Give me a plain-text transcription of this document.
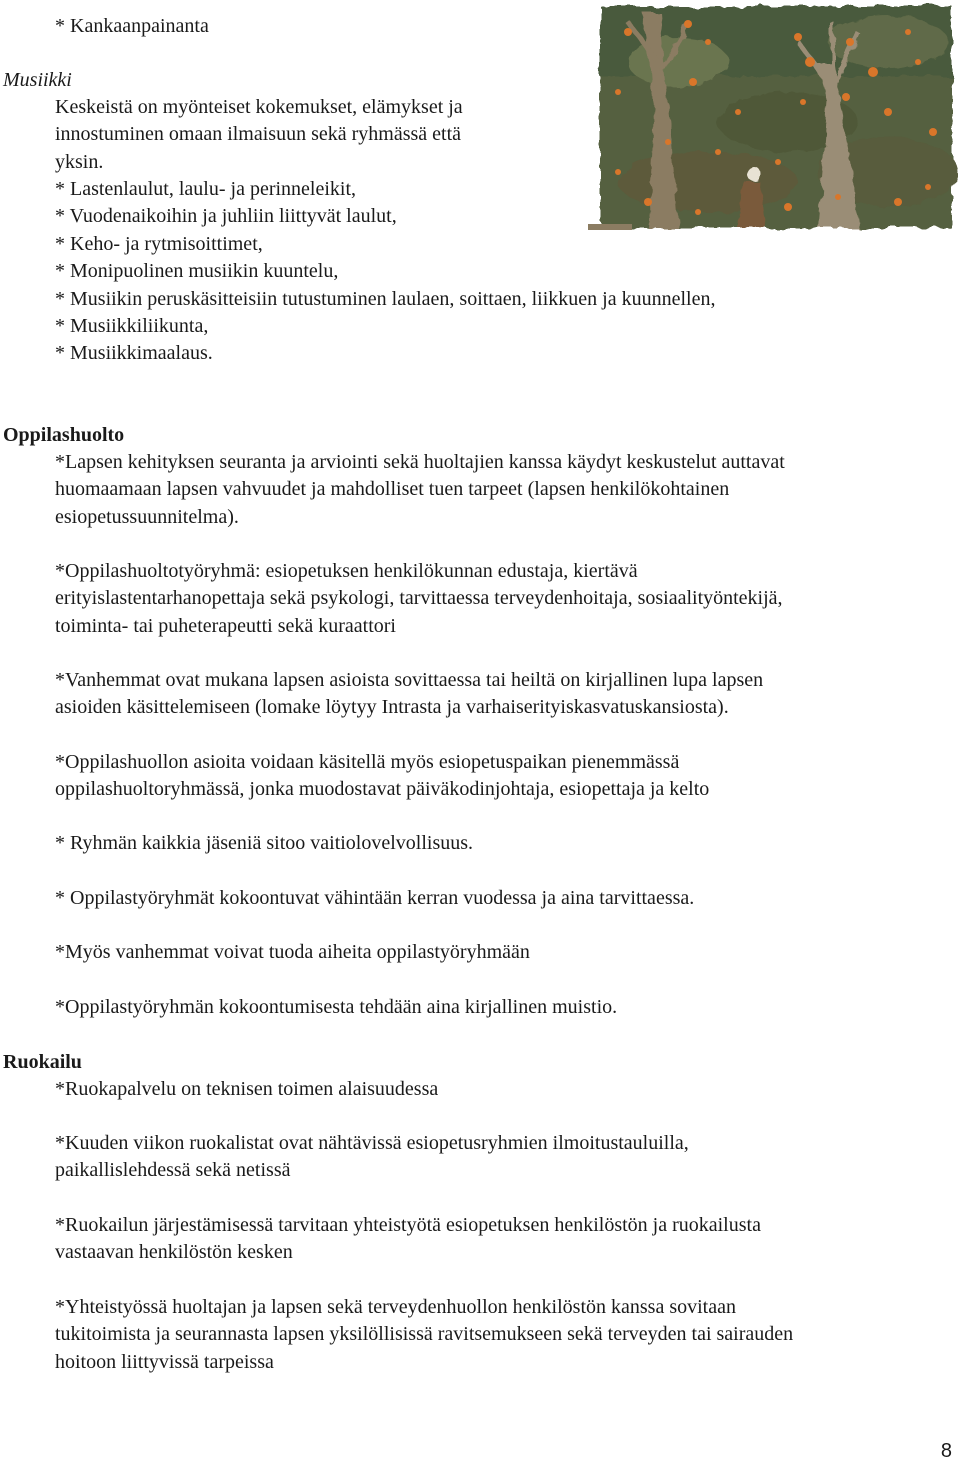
* Kankaanpainanta
Musiikki
Keskeistä on myönteiset kokemukset, elämykset ja
innostuminen omaan ilmaisuun sekä ryhmässä että
yksin.
* Lastenlaulut, laulu- ja perinneleikit,
* Vuodenaikoihin ja juhliin liittyvät laulut,
* Keho- ja rytmisoittimet,
* Monipuolinen musiikin kuuntelu,
* Musiikin peruskäsitteisiin tutustuminen laulaen, soittaen, liikkuen ja kuunnellen,
* Musiikkiliikunta,
* Musiikkimaalaus.
Oppilashuolto
*Lapsen kehityksen seuranta ja arviointi sekä huoltajien kanssa käydyt keskustelut auttavat
huomaamaan lapsen vahvuudet ja mahdolliset tuen tarpeet (lapsen henkilökohtainen
esiopetussuunnitelma).
*Oppilashuoltotyöryhmä: esiopetuksen henkilökunnan edustaja, kiertävä
erityislastentarhanopettaja sekä psykologi, tarvittaessa terveydenhoitaja, sosiaalityöntekijä,
toiminta- tai puheterapeutti sekä kuraattori
*Vanhemmat ovat mukana lapsen asioista sovittaessa tai heiltä on kirjallinen lupa lapsen
asioiden käsittelemiseen (lomake löytyy Intrasta ja varhaiserityiskasvatuskansiosta).
*Oppilashuollon asioita voidaan käsitellä myös esiopetuspaikan pienemmässä
oppilashuoltoryhmässä, jonka muodostavat päiväkodinjohtaja, esiopettaja ja kelto
* Ryhmän kaikkia jäseniä sitoo vaitiolovelvollisuus.
* Oppilastyöryhmät kokoontuvat vähintään kerran vuodessa ja aina tarvittaessa.
*Myös vanhemmat voivat tuoda aiheita oppilastyöryhmään
*Oppilastyöryhmän kokoontumisesta tehdään aina kirjallinen muistio.
Ruokailu
*Ruokapalvelu on teknisen toimen alaisuudessa
*Kuuden viikon ruokalistat ovat nähtävissä esiopetusryhmien ilmoitustauluilla,
paikallislehdessä sekä netissä
*Ruokailun järjestämisessä tarvitaan yhteistyötä esiopetuksen henkilöstön ja ruokailusta
vastaavan henkilöstön kesken
*Yhteistyössä huoltajan ja lapsen sekä terveydenhuollon henkilöstön kanssa sovitaan
tukitoimista ja seurannasta lapsen yksilöllisissä ravitsemukseen sekä terveyden tai sairauden
hoitoon liittyvissä tarpeissa
8
